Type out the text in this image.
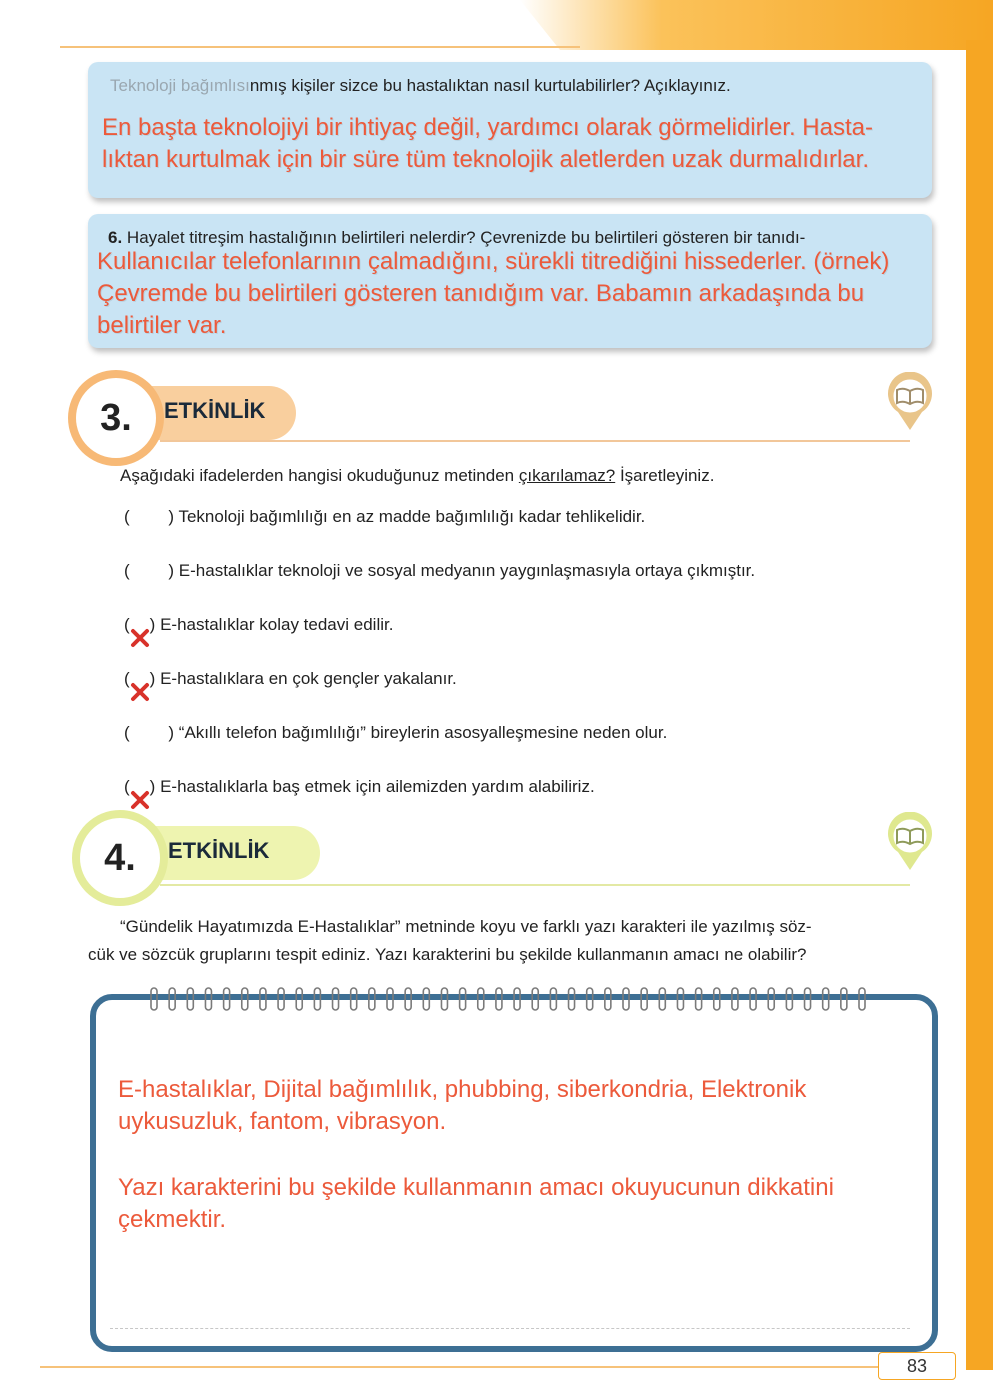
Teknoloji bağımlısınmış kişiler sizce bu hastalıktan nasıl kurtulabilirler? Açıklayınız.
En başta teknolojiyi bir ihtiyaç değil, yardımcı olarak görmelidirler. Hasta-
lıktan kurtulmak için bir süre tüm teknolojik aletlerden uzak durmalıdırlar.
6. Hayalet titreşim hastalığının belirtileri nelerdir? Çevrenizde bu belirtileri gösteren bir tanıdı-
Kullanıcılar telefonlarının çalmadığını, sürekli titrediğini hissederler. (örnek)
Çevremde bu belirtileri gösteren tanıdığım var. Babamın arkadaşında bu
belirtiler var.
3.	ETKİNLİK
Aşağıdaki ifadelerden hangisi okuduğunuz metinden çıkarılamaz? İşaretleyiniz.
( ) Teknoloji bağımlılığı en az madde bağımlılığı kadar tehlikelidir.
( ) E-hastalıklar teknoloji ve sosyal medyanın yaygınlaşmasıyla ortaya çıkmıştır.
( ) E-hastalıklar kolay tedavi edilir.
( ) E-hastalıklara en çok gençler yakalanır.
( ) “Akıllı telefon bağımlılığı” bireylerin asosyalleşmesine neden olur.
( ) E-hastalıklarla baş etmek için ailemizden yardım alabiliriz.
4.	ETKİNLİK
“Gündelik Hayatımızda E-Hastalıklar” metninde koyu ve farklı yazı karakteri ile yazılmış söz-
cük ve sözcük gruplarını tespit ediniz. Yazı karakterini bu şekilde kullanmanın amacı ne olabilir?
E-hastalıklar, Dijital bağımlılık, phubbing, siberkondria, Elektronik
uykusuzluk, fantom, vibrasyon.
Yazı karakterini bu şekilde kullanmanın amacı okuyucunun dikkatini
çekmektir.
83
